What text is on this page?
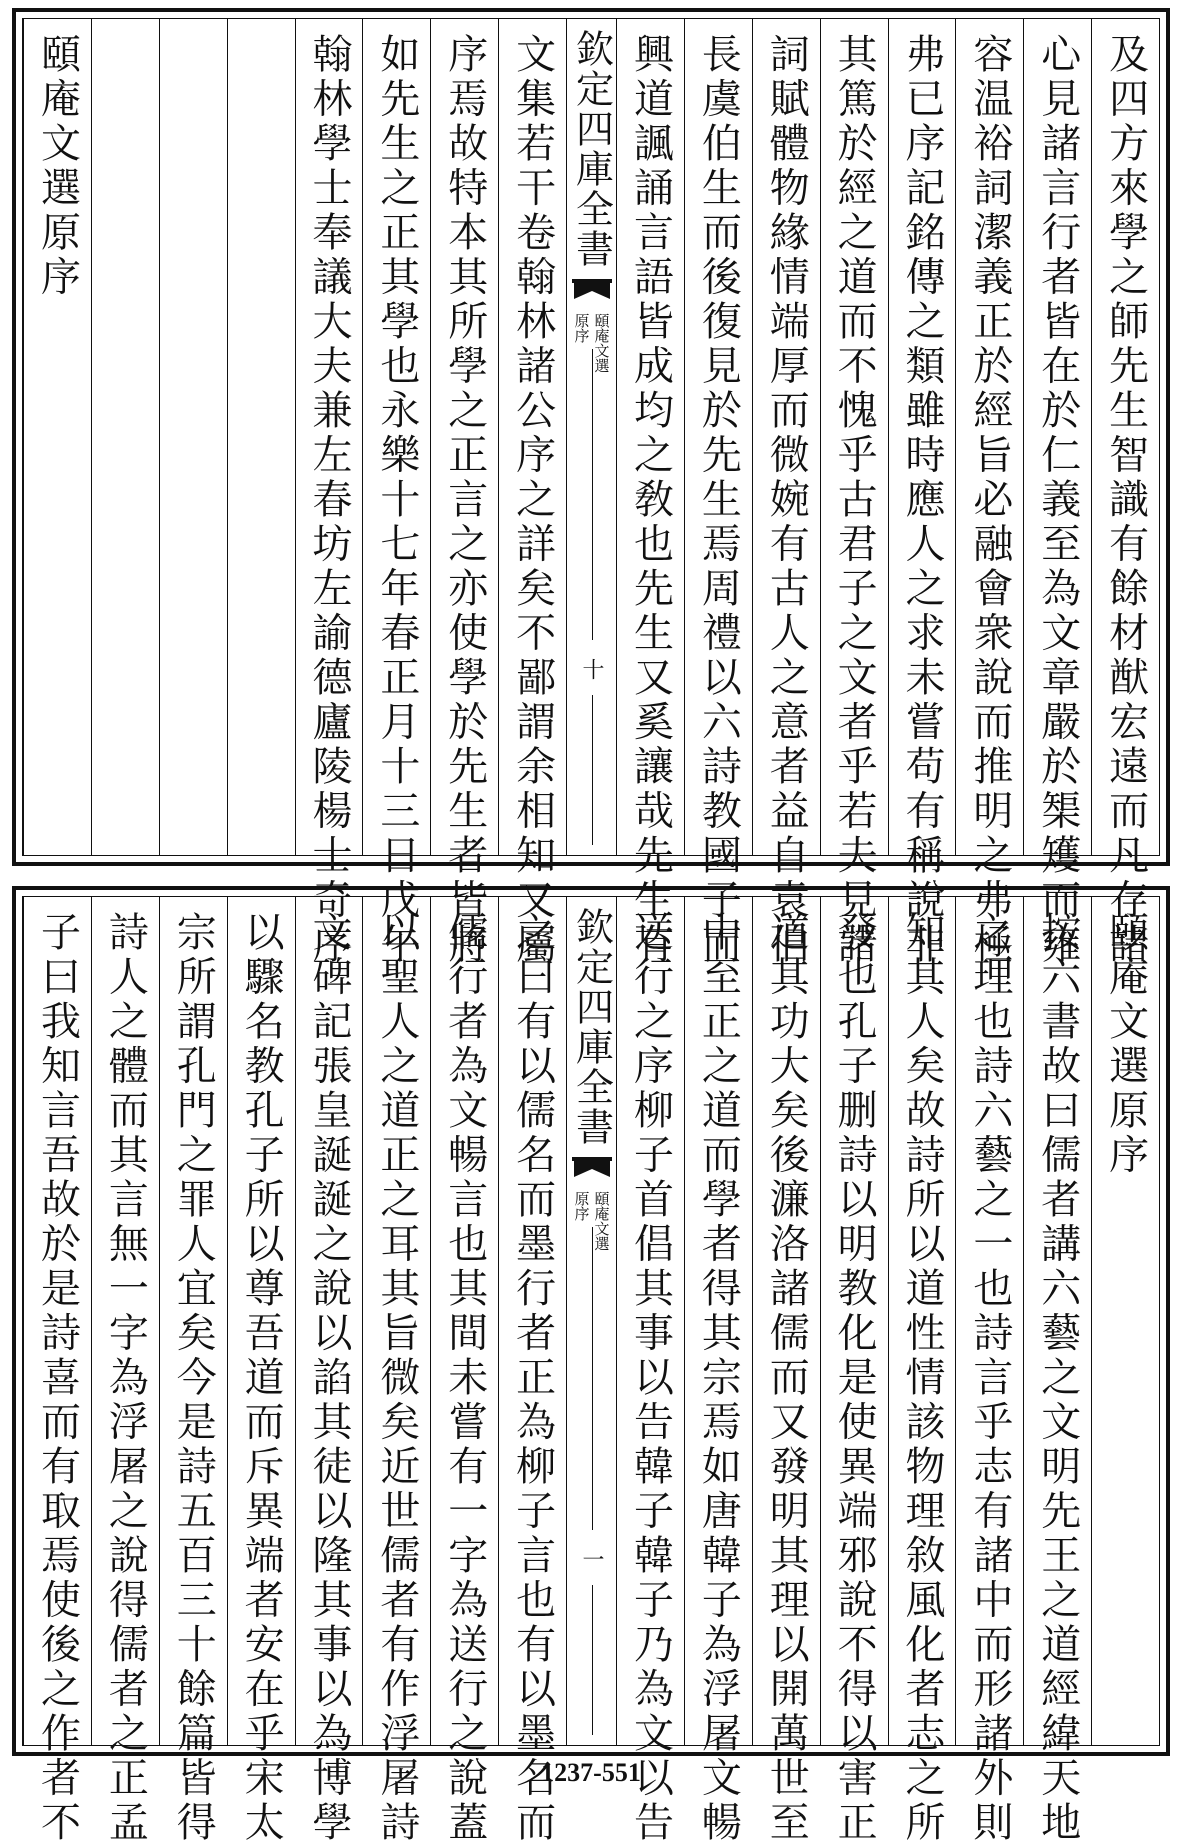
及四方來學之師先生智識有餘材猷宏遠而凡存諸
心見諸言行者皆在於仁義至為文章嚴於榘矱而雍
容温裕詞潔義正於經旨必融會衆說而推明之弗極
弗已序記銘傳之類雖時應人之求未嘗苟有稱說非
其篤於經之道而不愧乎古君子之文者乎若夫見諸
詞賦體物緣情端厚而微婉有古人之意者益自袁伯
長虞伯生而後復見於先生焉周禮以六詩教國子而
興道諷誦言語皆成均之敎也先生又奚讓哉先生有
欽定四庫全書
頤庵文選
原序
十
文集若干卷翰林諸公序之詳矣不鄙謂余相知又屬
序焉故特本其所學之正言之亦使學於先生者皆將
如先生之正其學也永樂十七年春正月十三日戊午
翰林學士奉議大夫兼左春坊左諭德廬陵楊士奇序
頤庵文選原序
頤庵文選原序
按六書故曰儒者講六藝之文明先王之道經緯天地
之理也詩六藝之一也詩言乎志有諸中而形諸外則
知其人矣故詩所以道性情該物理敘風化者志之所
發也孔子删詩以明教化是使異端邪說不得以害正
道其功大矣後濂洛諸儒而又發明其理以開萬世至
中至正之道而學者得其宗焉如唐韓子為浮屠文暢
送行之序柳子首倡其事以告韓子韓子乃為文以告
欽定四庫全書
頤庵文選
原序
一
之曰有以儒名而墨行者正為柳子言也有以墨名而
儒行者為文暢言也其間未嘗有一字為送行之說蓋
以聖人之道正之耳其旨微矣近世儒者有作浮屠詩
文碑記張皇誕誕之說以諂其徒以隆其事以為博學
以驟名教孔子所以尊吾道而斥異端者安在乎宋太
宗所謂孔門之罪人宜矣今是詩五百三十餘篇皆得
詩人之體而其言無一字為浮屠之說得儒者之正孟
子曰我知言吾故於是詩喜而有取焉使後之作者不	1237-551
